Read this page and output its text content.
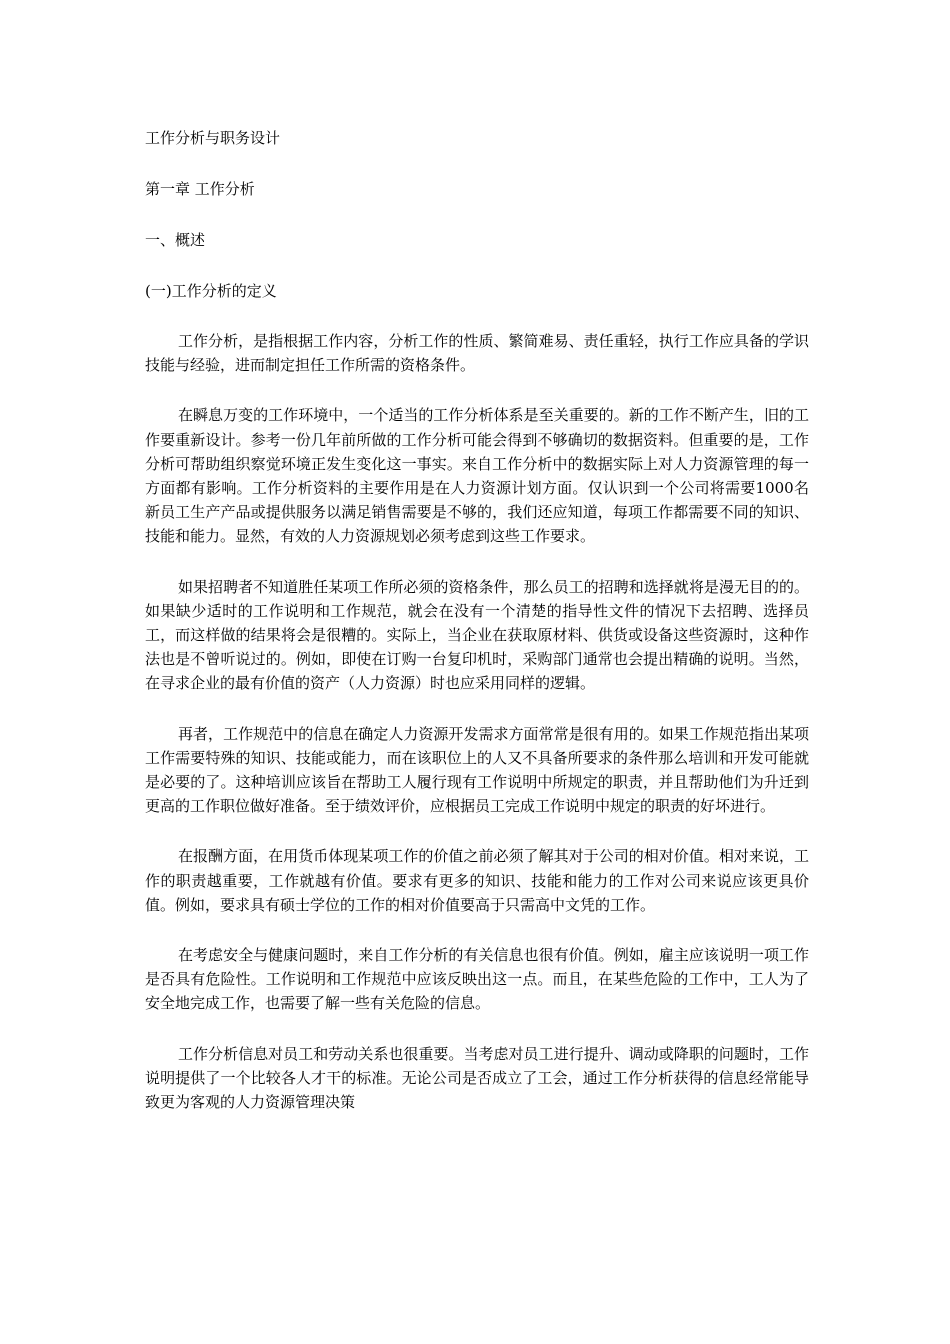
工作分析与职务设计

第一章 工作分析

一、概述

(一)工作分析的定义

工作分析，是指根据工作内容，分析工作的性质、繁简难易、责任重轻，执行工作应具备的学识技能与经验，进而制定担任工作所需的资格条件。

在瞬息万变的工作环境中，一个适当的工作分析体系是至关重要的。新的工作不断产生，旧的工作要重新设计。参考一份几年前所做的工作分析可能会得到不够确切的数据资料。但重要的是，工作分析可帮助组织察觉环境正发生变化这一事实。来自工作分析中的数据实际上对人力资源管理的每一方面都有影响。工作分析资料的主要作用是在人力资源计划方面。仅认识到一个公司将需要1000名新员工生产产品或提供服务以满足销售需要是不够的，我们还应知道，每项工作都需要不同的知识、技能和能力。显然，有效的人力资源规划必须考虑到这些工作要求。

如果招聘者不知道胜任某项工作所必须的资格条件，那么员工的招聘和选择就将是漫无目的的。如果缺少适时的工作说明和工作规范，就会在没有一个清楚的指导性文件的情况下去招聘、选择员工，而这样做的结果将会是很糟的。实际上，当企业在获取原材料、供货或设备这些资源时，这种作法也是不曾听说过的。例如，即使在订购一台复印机时，采购部门通常也会提出精确的说明。当然，在寻求企业的最有价值的资产（人力资源）时也应采用同样的逻辑。

再者，工作规范中的信息在确定人力资源开发需求方面常常是很有用的。如果工作规范指出某项工作需要特殊的知识、技能或能力，而在该职位上的人又不具备所要求的条件那么培训和开发可能就是必要的了。这种培训应该旨在帮助工人履行现有工作说明中所规定的职责，并且帮助他们为升迁到更高的工作职位做好准备。至于绩效评价，应根据员工完成工作说明中规定的职责的好坏进行。

在报酬方面，在用货币体现某项工作的价值之前必须了解其对于公司的相对价值。相对来说，工作的职责越重要，工作就越有价值。要求有更多的知识、技能和能力的工作对公司来说应该更具价值。例如，要求具有硕士学位的工作的相对价值要高于只需高中文凭的工作。

在考虑安全与健康问题时，来自工作分析的有关信息也很有价值。例如，雇主应该说明一项工作是否具有危险性。工作说明和工作规范中应该反映出这一点。而且，在某些危险的工作中，工人为了安全地完成工作，也需要了解一些有关危险的信息。

工作分析信息对员工和劳动关系也很重要。当考虑对员工进行提升、调动或降职的问题时，工作说明提供了一个比较各人才干的标准。无论公司是否成立了工会，通过工作分析获得的信息经常能导致更为客观的人力资源管理决策
